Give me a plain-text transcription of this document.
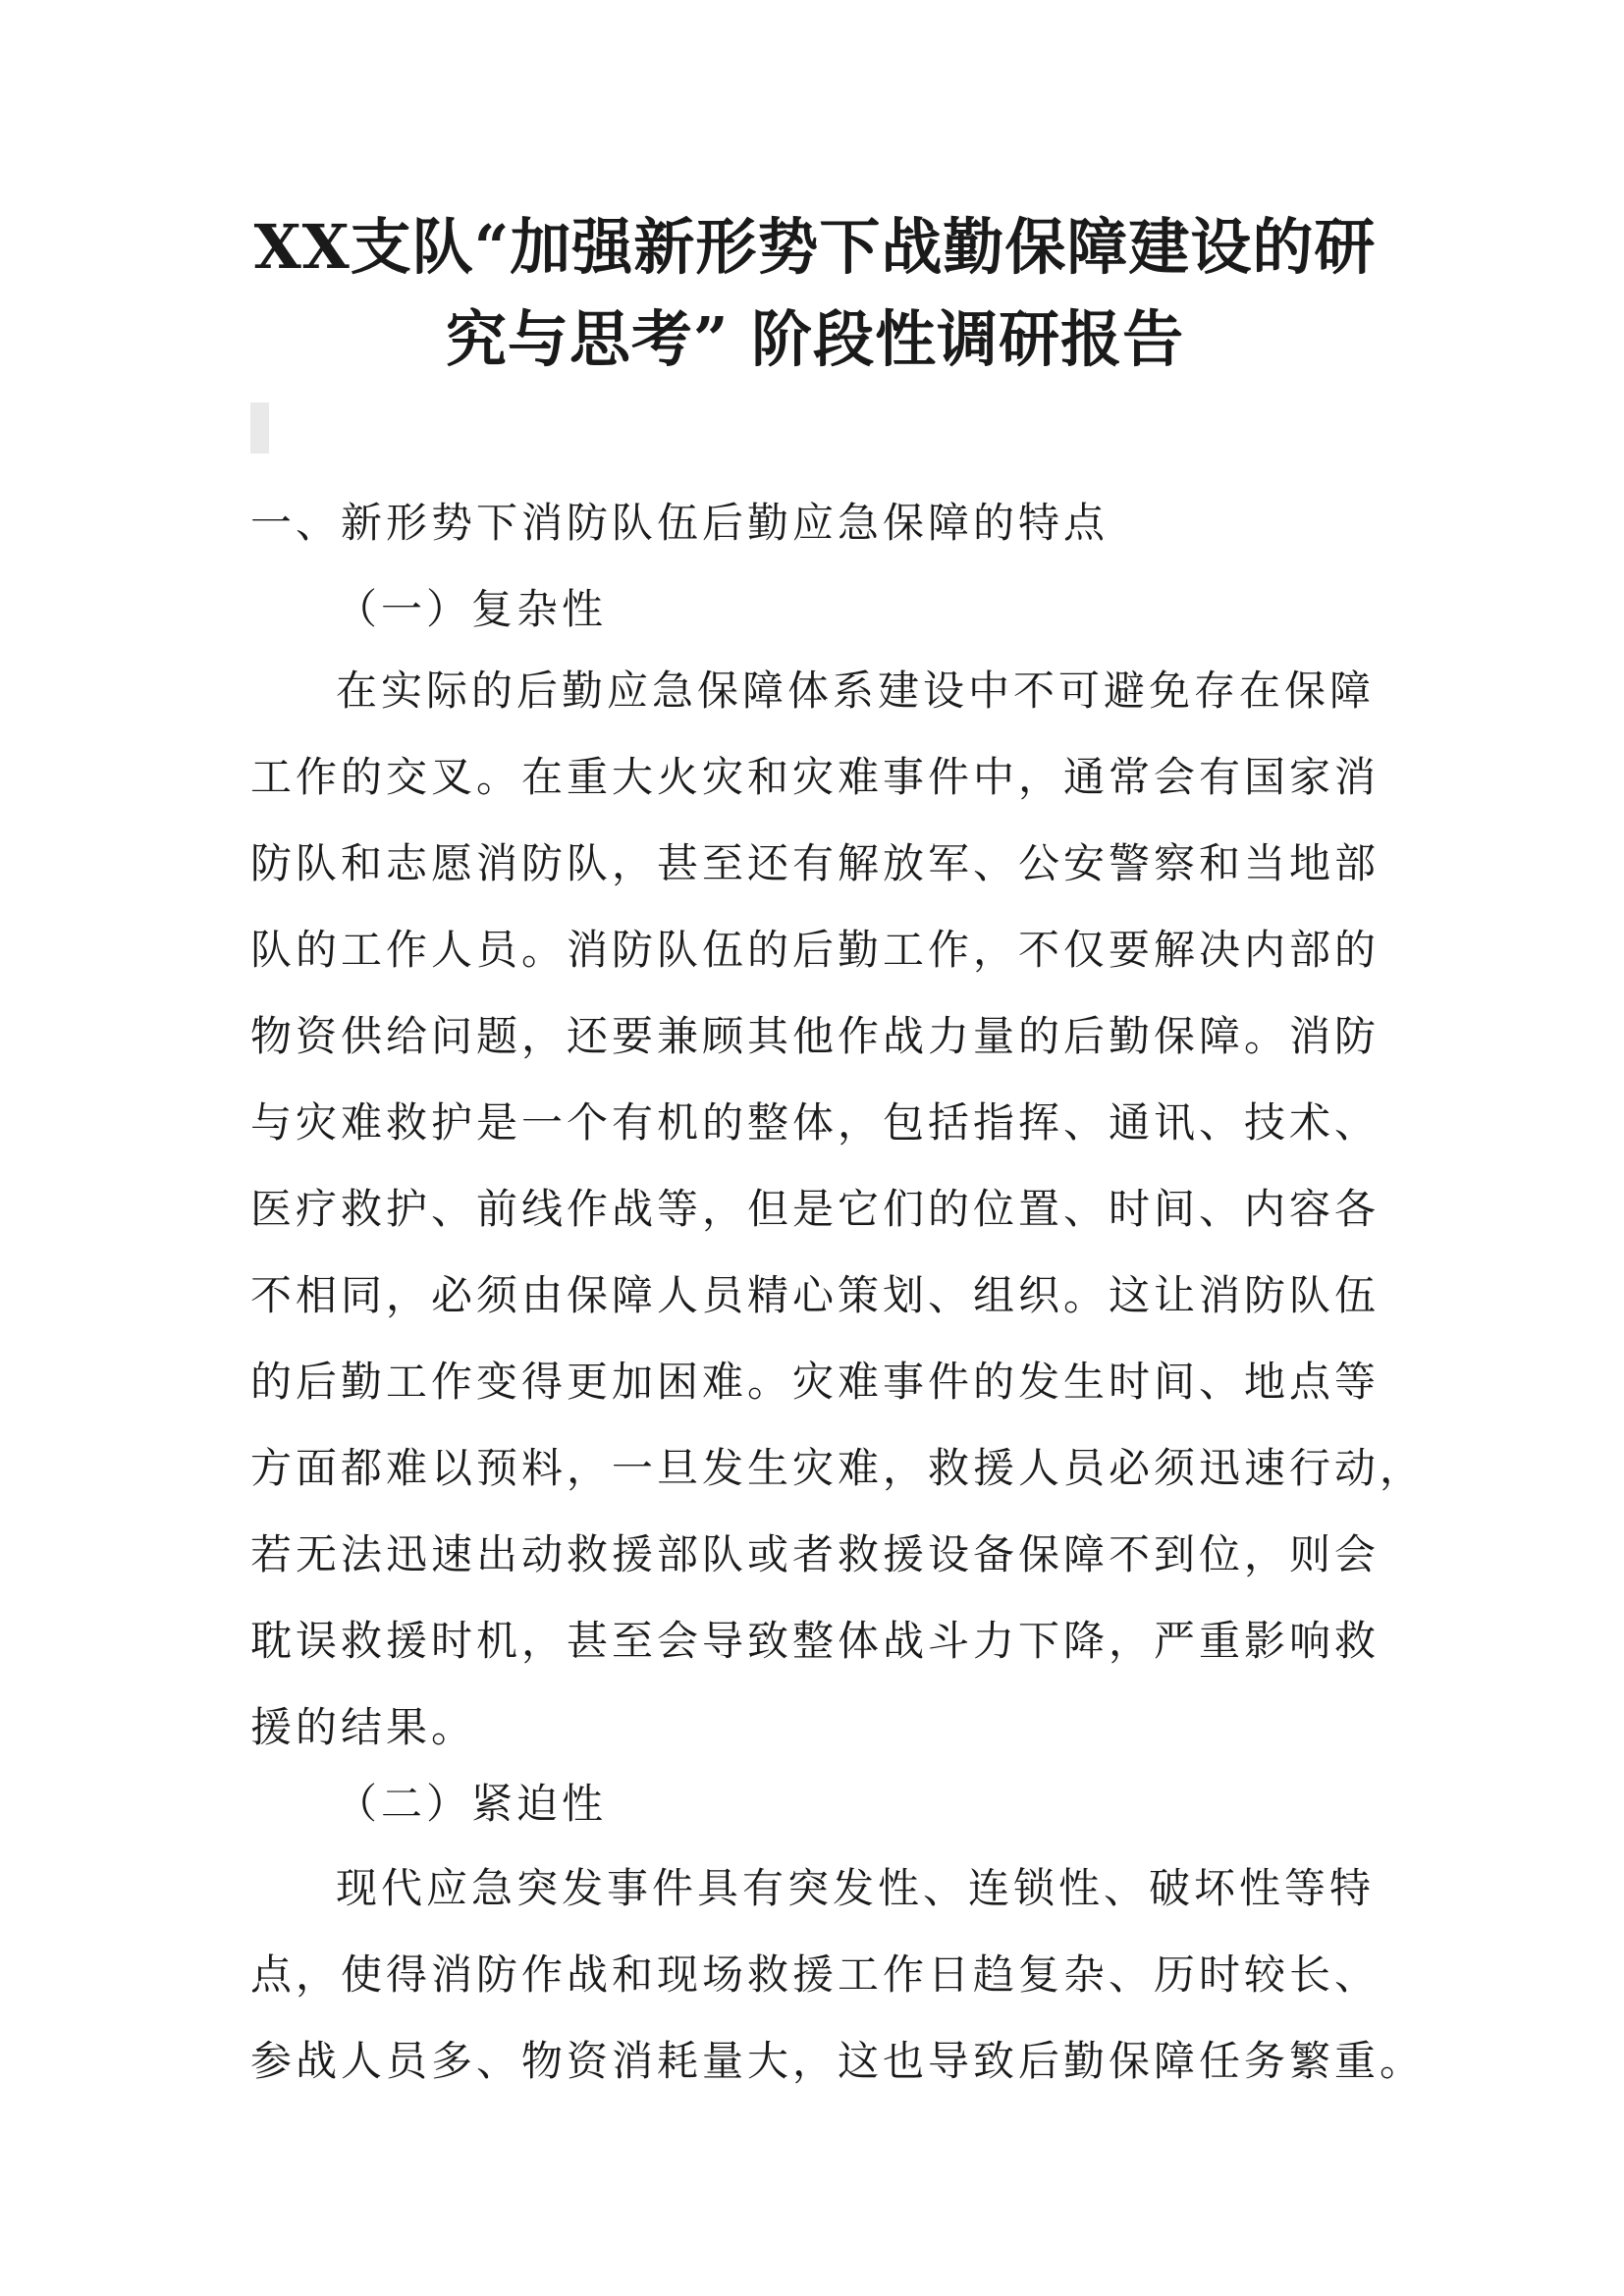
XX支队“加强新形势下战勤保障建设的研
究与思考” 阶段性调研报告
一、新形势下消防队伍后勤应急保障的特点
（一）复杂性
在实际的后勤应急保障体系建设中不可避免存在保障
工作的交叉。在重大火灾和灾难事件中，通常会有国家消
防队和志愿消防队，甚至还有解放军、公安警察和当地部
队的工作人员。消防队伍的后勤工作，不仅要解决内部的
物资供给问题，还要兼顾其他作战力量的后勤保障。消防
与灾难救护是一个有机的整体，包括指挥、通讯、技术、
医疗救护、前线作战等，但是它们的位置、时间、内容各
不相同，必须由保障人员精心策划、组织。这让消防队伍
的后勤工作变得更加困难。灾难事件的发生时间、地点等
方面都难以预料，一旦发生灾难，救援人员必须迅速行动，
若无法迅速出动救援部队或者救援设备保障不到位，则会
耽误救援时机，甚至会导致整体战斗力下降，严重影响救
援的结果。
（二）紧迫性
现代应急突发事件具有突发性、连锁性、破坏性等特
点，使得消防作战和现场救援工作日趋复杂、历时较长、
参战人员多、物资消耗量大，这也导致后勤保障任务繁重。
